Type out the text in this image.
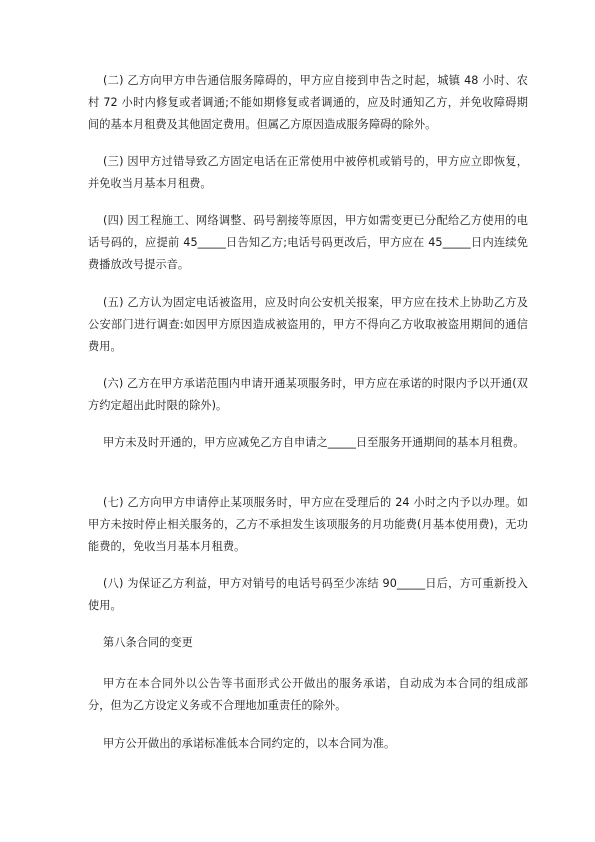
(二) 乙方向甲方申告通信服务障碍的，甲方应自接到申告之时起，城镇 48 小时、农村 72 小时内修复或者调通;不能如期修复或者调通的，应及时通知乙方，并免收障碍期间的基本月租费及其他固定费用。但属乙方原因造成服务障碍的除外。

(三) 因甲方过错导致乙方固定电话在正常使用中被停机或销号的，甲方应立即恢复，并免收当月基本月租费。

(四) 因工程施工、网络调整、码号割接等原因，甲方如需变更已分配给乙方使用的电话号码的，应提前 45_____日告知乙方;电话号码更改后，甲方应在 45_____日内连续免费播放改号提示音。

(五) 乙方认为固定电话被盗用，应及时向公安机关报案，甲方应在技术上协助乙方及公安部门进行调查:如因甲方原因造成被盗用的，甲方不得向乙方收取被盗用期间的通信费用。

(六) 乙方在甲方承诺范围内申请开通某项服务时，甲方应在承诺的时限内予以开通(双方约定超出此时限的除外)。

甲方未及时开通的，甲方应减免乙方自申请之_____日至服务开通期间的基本月租费。

(七) 乙方向甲方申请停止某项服务时，甲方应在受理后的 24 小时之内予以办理。如甲方未按时停止相关服务的，乙方不承担发生该项服务的月功能费(月基本使用费)，无功能费的，免收当月基本月租费。

(八) 为保证乙方利益，甲方对销号的电话号码至少冻结 90_____日后，方可重新投入使用。

第八条合同的变更

甲方在本合同外以公告等书面形式公开做出的服务承诺，自动成为本合同的组成部分，但为乙方设定义务或不合理地加重责任的除外。

甲方公开做出的承诺标准低本合同约定的，以本合同为准。
